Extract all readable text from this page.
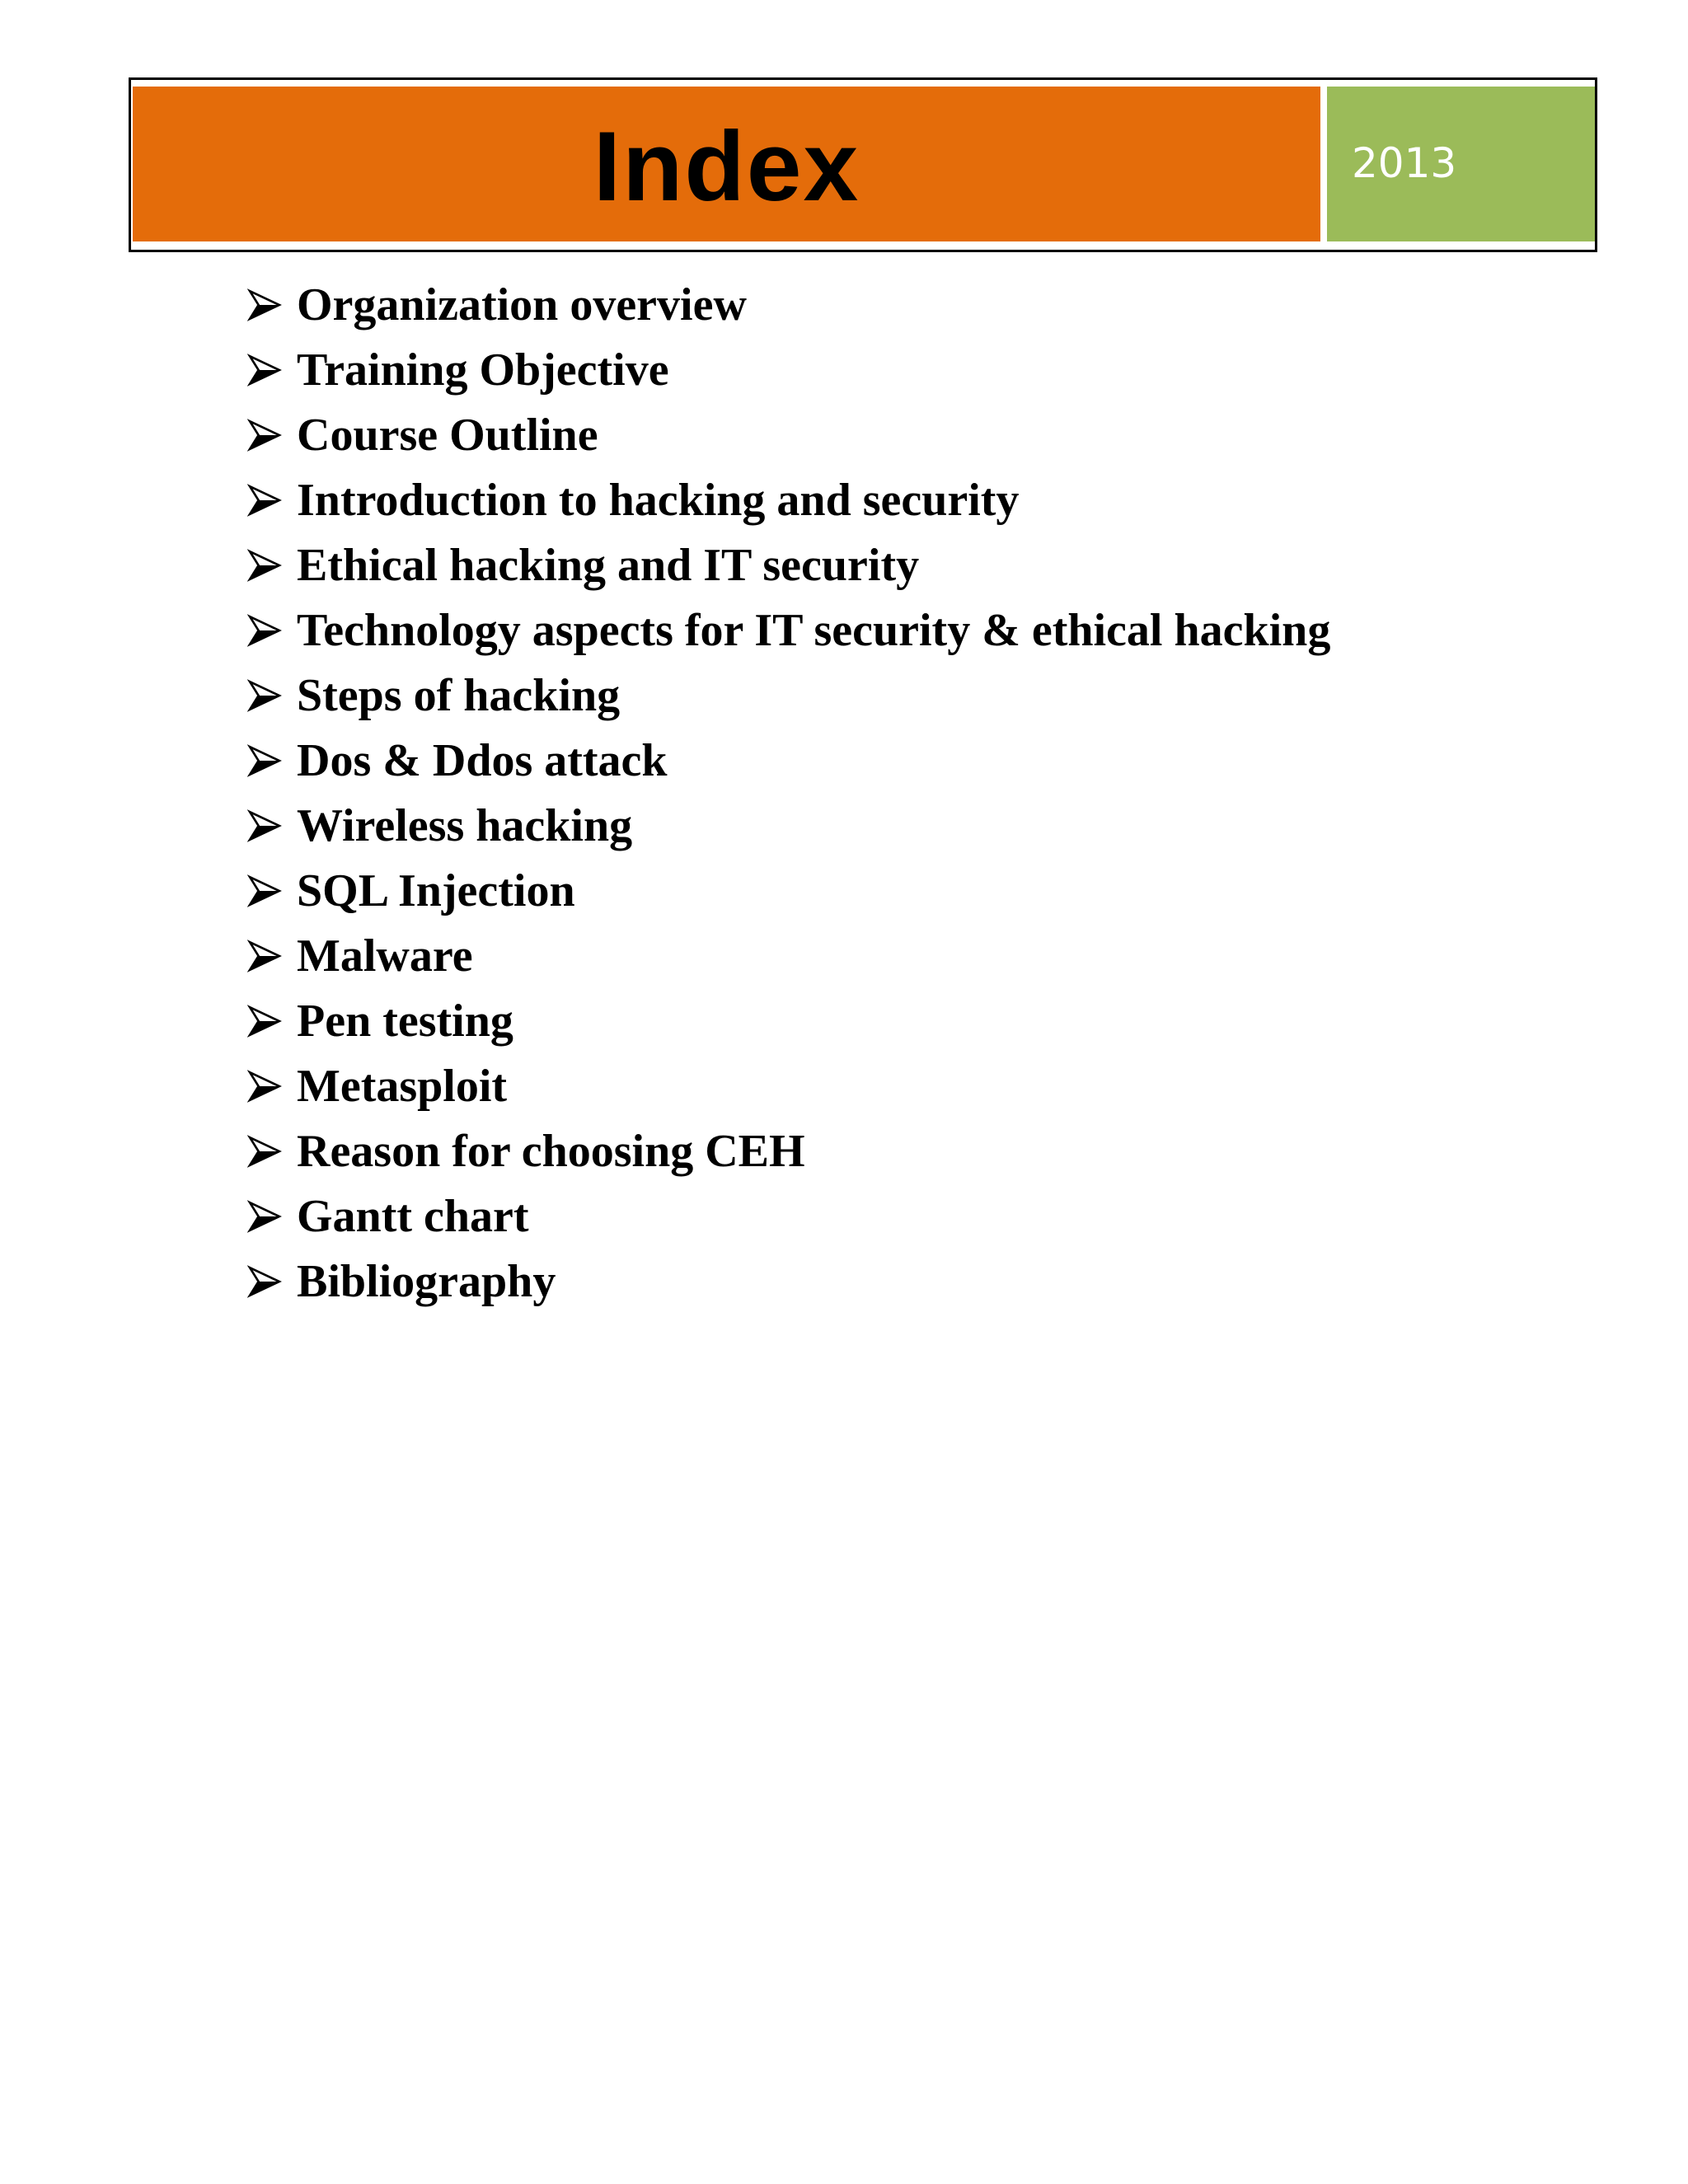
Index	2013
Organization overview
Training Objective
Course Outline
Introduction to hacking and security
Ethical hacking and IT security
Technology aspects for IT security & ethical hacking
Steps of hacking
Dos & Ddos attack
Wireless hacking
SQL Injection
Malware
Pen testing
Metasploit
Reason for choosing CEH
Gantt chart
Bibliography
